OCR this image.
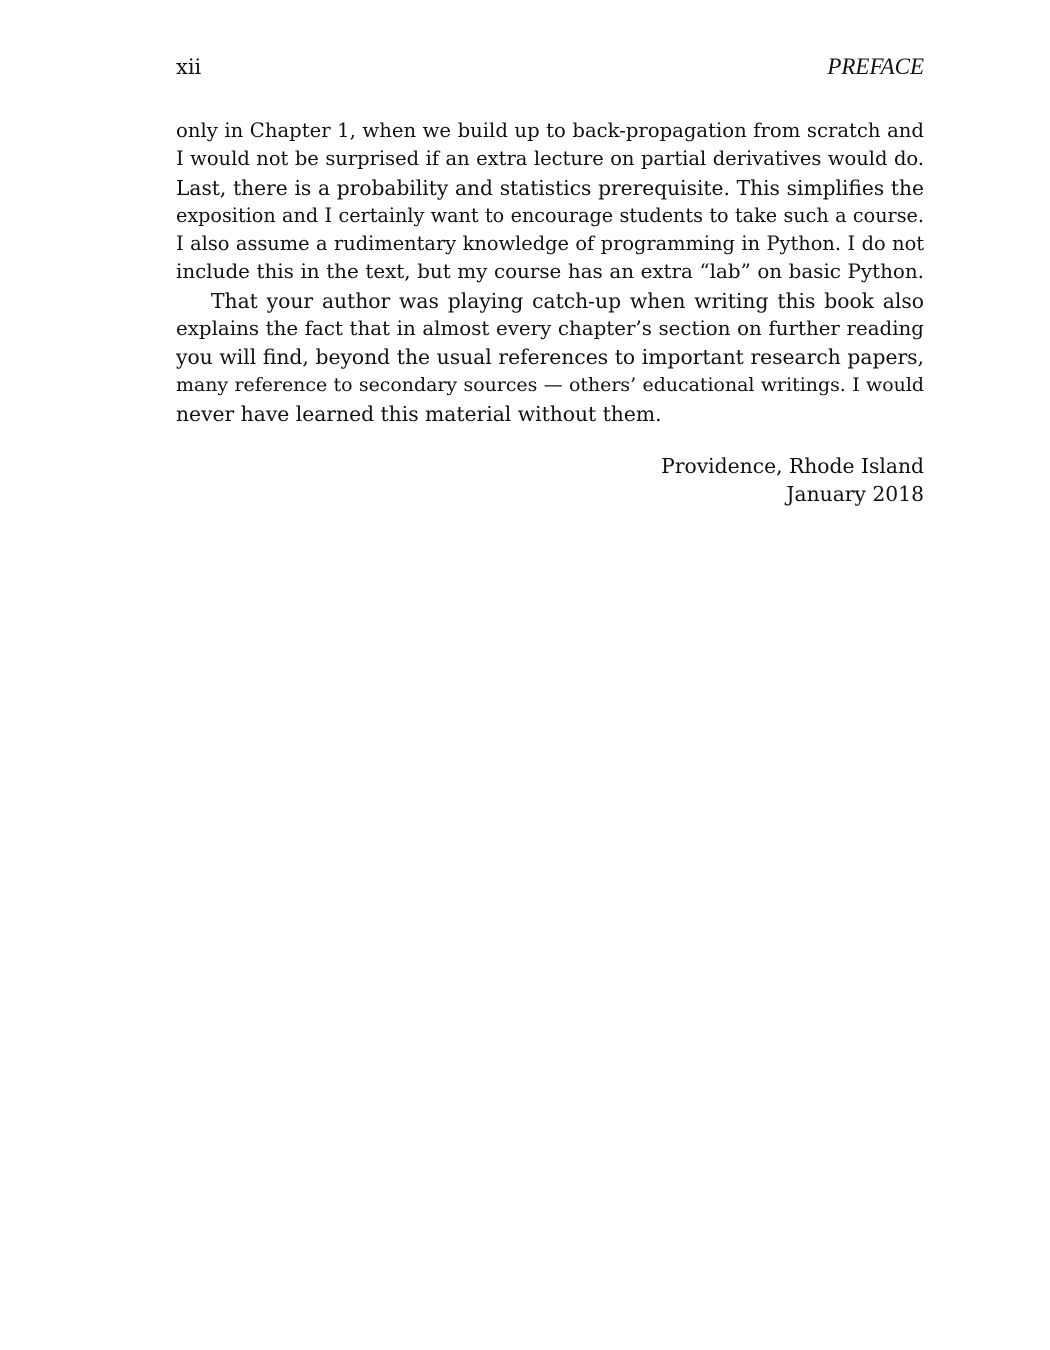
xii	PREFACE
only in Chapter 1, when we build up to back-propagation from scratch and
I would not be surprised if an extra lecture on partial derivatives would do.
Last, there is a probability and statistics prerequisite. This simplifies the
exposition and I certainly want to encourage students to take such a course.
I also assume a rudimentary knowledge of programming in Python. I do not
include this in the text, but my course has an extra “lab” on basic Python.
That your author was playing catch-up when writing this book also
explains the fact that in almost every chapter’s section on further reading
you will find, beyond the usual references to important research papers,
many reference to secondary sources — others’ educational writings. I would
never have learned this material without them.
Providence, Rhode Island
January 2018
